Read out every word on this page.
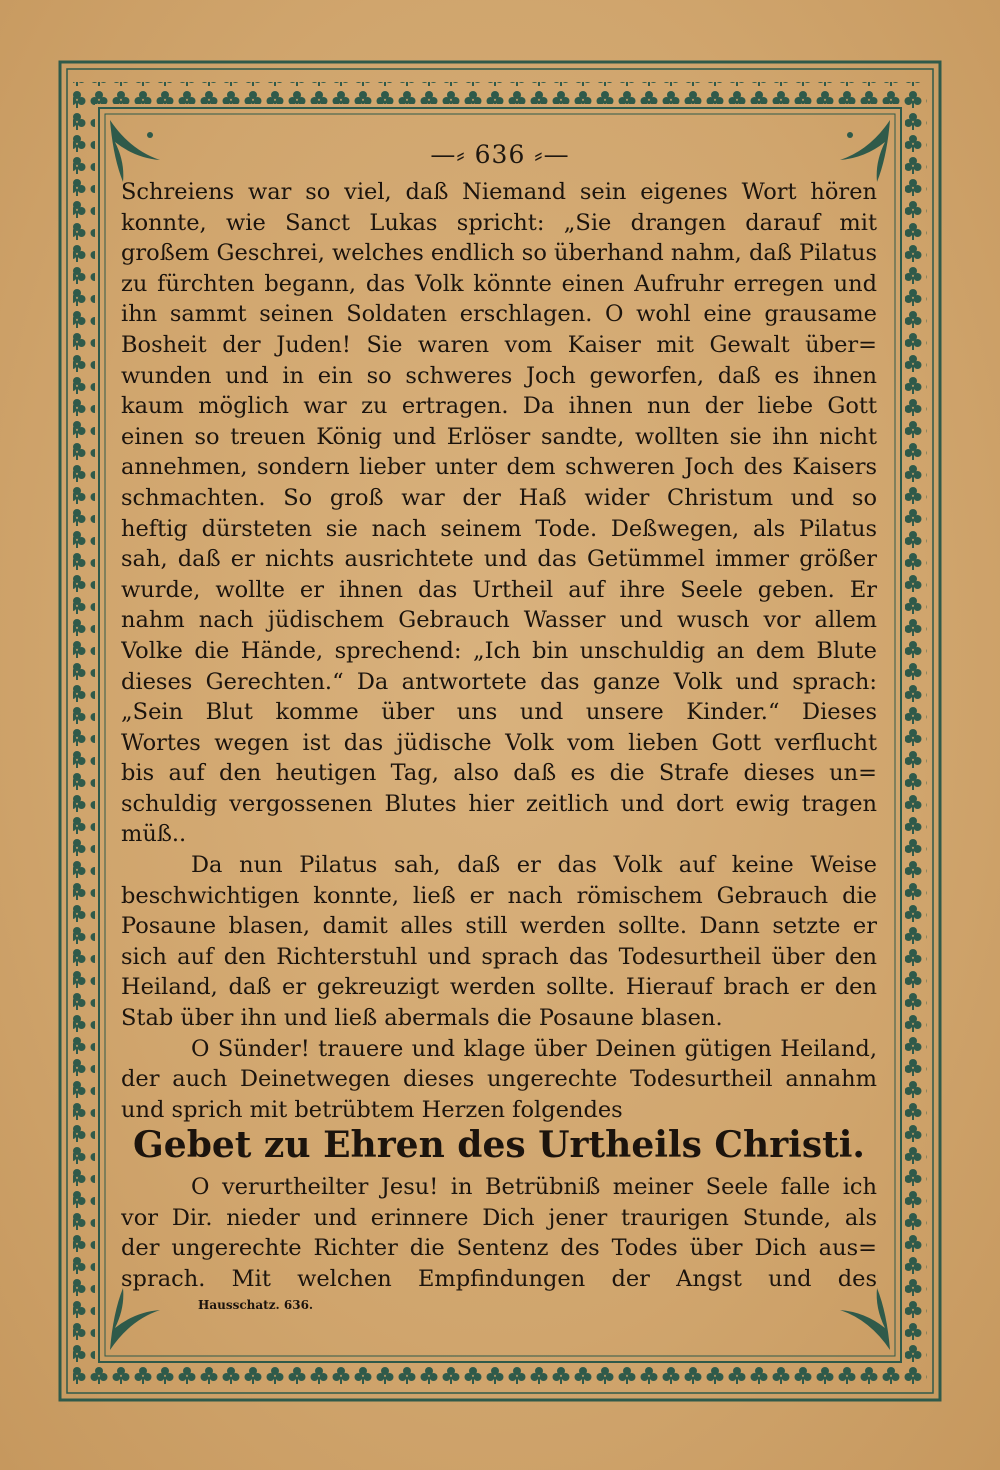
—⸗ 636 ⸗—
Schreiens war so viel, daß Niemand sein eigenes Wort hören
konnte, wie Sanct Lukas spricht: „Sie drangen darauf mit
großem Geschrei, welches endlich so überhand nahm, daß Pilatus
zu fürchten begann, das Volk könnte einen Aufruhr erregen und
ihn sammt seinen Soldaten erschlagen. O wohl eine grausame
Bosheit der Juden! Sie waren vom Kaiser mit Gewalt über=
wunden und in ein so schweres Joch geworfen, daß es ihnen
kaum möglich war zu ertragen. Da ihnen nun der liebe Gott
einen so treuen König und Erlöser sandte, wollten sie ihn nicht
annehmen, sondern lieber unter dem schweren Joch des Kaisers
schmachten. So groß war der Haß wider Christum und so
heftig dürsteten sie nach seinem Tode. Deßwegen, als Pilatus
sah, daß er nichts ausrichtete und das Getümmel immer größer
wurde, wollte er ihnen das Urtheil auf ihre Seele geben. Er
nahm nach jüdischem Gebrauch Wasser und wusch vor allem
Volke die Hände, sprechend: „Ich bin unschuldig an dem Blute
dieses Gerechten.“ Da antwortete das ganze Volk und sprach:
„Sein Blut komme über uns und unsere Kinder.“ Dieses
Wortes wegen ist das jüdische Volk vom lieben Gott verflucht
bis auf den heutigen Tag, also daß es die Strafe dieses un=
schuldig vergossenen Blutes hier zeitlich und dort ewig tragen
müß..
Da nun Pilatus sah, daß er das Volk auf keine Weise
beschwichtigen konnte, ließ er nach römischem Gebrauch die
Posaune blasen, damit alles still werden sollte. Dann setzte er
sich auf den Richterstuhl und sprach das Todesurtheil über den
Heiland, daß er gekreuzigt werden sollte. Hierauf brach er den
Stab über ihn und ließ abermals die Posaune blasen.
O Sünder! trauere und klage über Deinen gütigen Heiland,
der auch Deinetwegen dieses ungerechte Todesurtheil annahm
und sprich mit betrübtem Herzen folgendes
Gebet zu Ehren des Urtheils Christi.
O verurtheilter Jesu! in Betrübniß meiner Seele falle ich
vor Dir. nieder und erinnere Dich jener traurigen Stunde, als
der ungerechte Richter die Sentenz des Todes über Dich aus=
sprach. Mit welchen Empfindungen der Angst und des
Hausschatz. 636.
